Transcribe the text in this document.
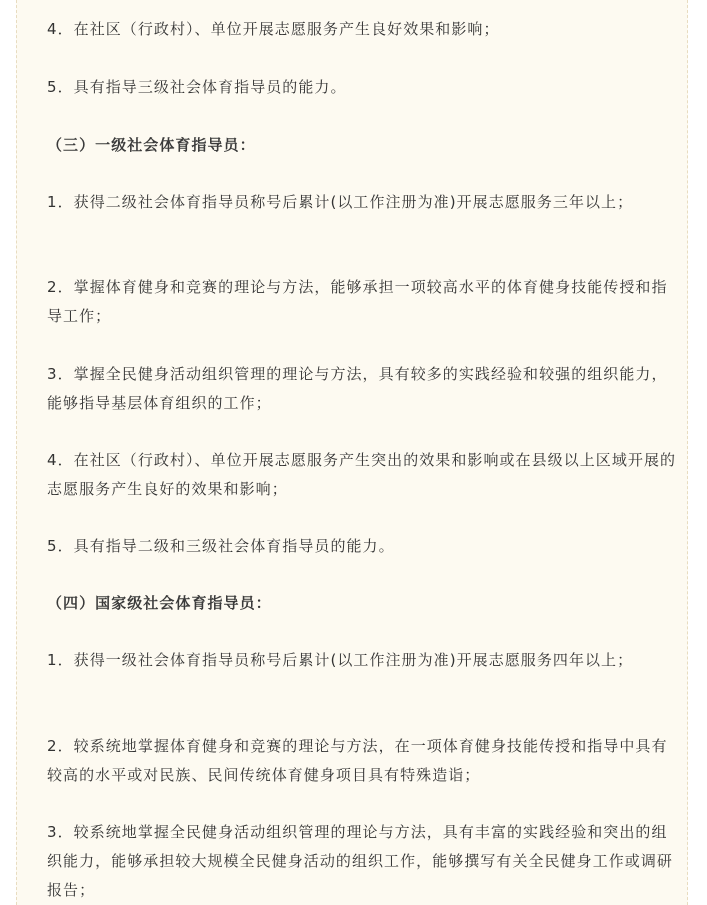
4．在社区（行政村）、单位开展志愿服务产生良好效果和影响；

5．具有指导三级社会体育指导员的能力。

（三）一级社会体育指导员：

1．获得二级社会体育指导员称号后累计(以工作注册为准)开展志愿服务三年以上；

2．掌握体育健身和竞赛的理论与方法，能够承担一项较高水平的体育健身技能传授和指导工作；

3．掌握全民健身活动组织管理的理论与方法，具有较多的实践经验和较强的组织能力，能够指导基层体育组织的工作；

4．在社区（行政村）、单位开展志愿服务产生突出的效果和影响或在县级以上区域开展的志愿服务产生良好的效果和影响；

5．具有指导二级和三级社会体育指导员的能力。

（四）国家级社会体育指导员：

1．获得一级社会体育指导员称号后累计(以工作注册为准)开展志愿服务四年以上；

2．较系统地掌握体育健身和竞赛的理论与方法，在一项体育健身技能传授和指导中具有较高的水平或对民族、民间传统体育健身项目具有特殊造诣；

3．较系统地掌握全民健身活动组织管理的理论与方法，具有丰富的实践经验和突出的组织能力，能够承担较大规模全民健身活动的组织工作，能够撰写有关全民健身工作或调研报告；
